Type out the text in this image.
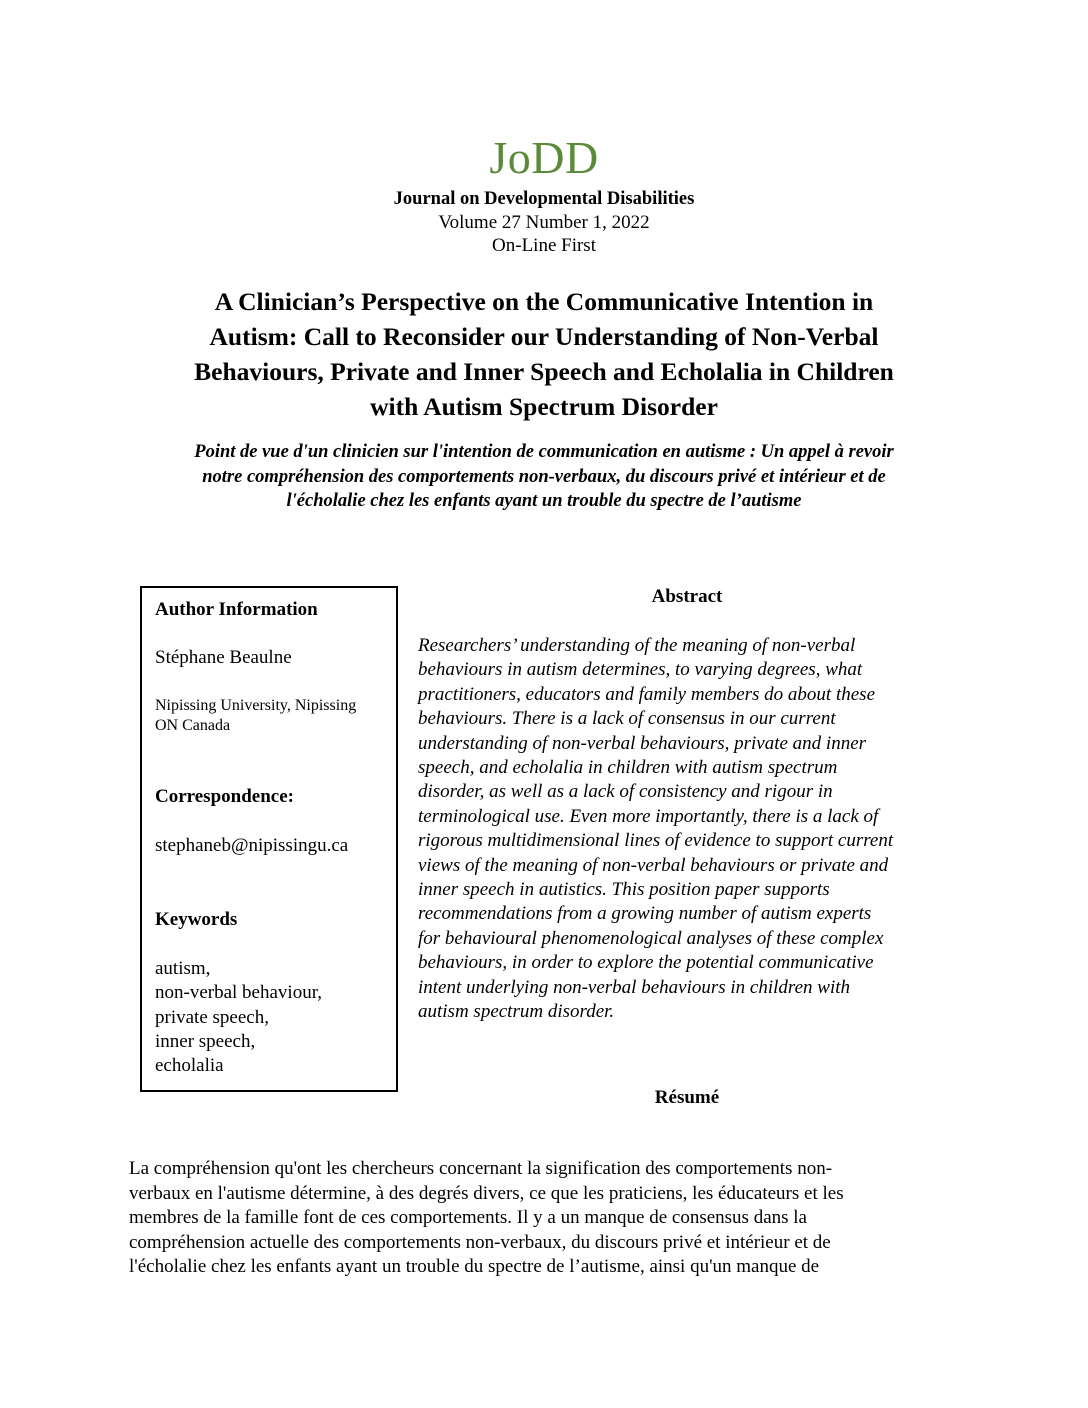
JoDD
Journal on Developmental Disabilities
Volume 27 Number 1, 2022
On-Line First
A Clinician’s Perspective on the Communicative Intention in
Autism: Call to Reconsider our Understanding of Non-Verbal
Behaviours, Private and Inner Speech and Echolalia in Children
with Autism Spectrum Disorder
Point de vue d'un clinicien sur l'intention de communication en autisme : Un appel à revoir
notre compréhension des comportements non-verbaux, du discours privé et intérieur et de
l'écholalie chez les enfants ayant un trouble du spectre de l’autisme
Author Information
Stéphane Beaulne
Nipissing University, Nipissing
ON Canada
Correspondence:
stephaneb@nipissingu.ca
Keywords
autism,
non-verbal behaviour,
private speech,
inner speech,
echolalia
Abstract
Researchers’ understanding of the meaning of non-verbal
behaviours in autism determines, to varying degrees, what
practitioners, educators and family members do about these
behaviours. There is a lack of consensus in our current
understanding of non-verbal behaviours, private and inner
speech, and echolalia in children with autism spectrum
disorder, as well as a lack of consistency and rigour in
terminological use. Even more importantly, there is a lack of
rigorous multidimensional lines of evidence to support current
views of the meaning of non-verbal behaviours or private and
inner speech in autistics. This position paper supports
recommendations from a growing number of autism experts
for behavioural phenomenological analyses of these complex
behaviours, in order to explore the potential communicative
intent underlying non-verbal behaviours in children with
autism spectrum disorder.
Résumé
La compréhension qu'ont les chercheurs concernant la signification des comportements non-
verbaux en l'autisme détermine, à des degrés divers, ce que les praticiens, les éducateurs et les
membres de la famille font de ces comportements. Il y a un manque de consensus dans la
compréhension actuelle des comportements non-verbaux, du discours privé et intérieur et de
l'écholalie chez les enfants ayant un trouble du spectre de l’autisme, ainsi qu'un manque de
